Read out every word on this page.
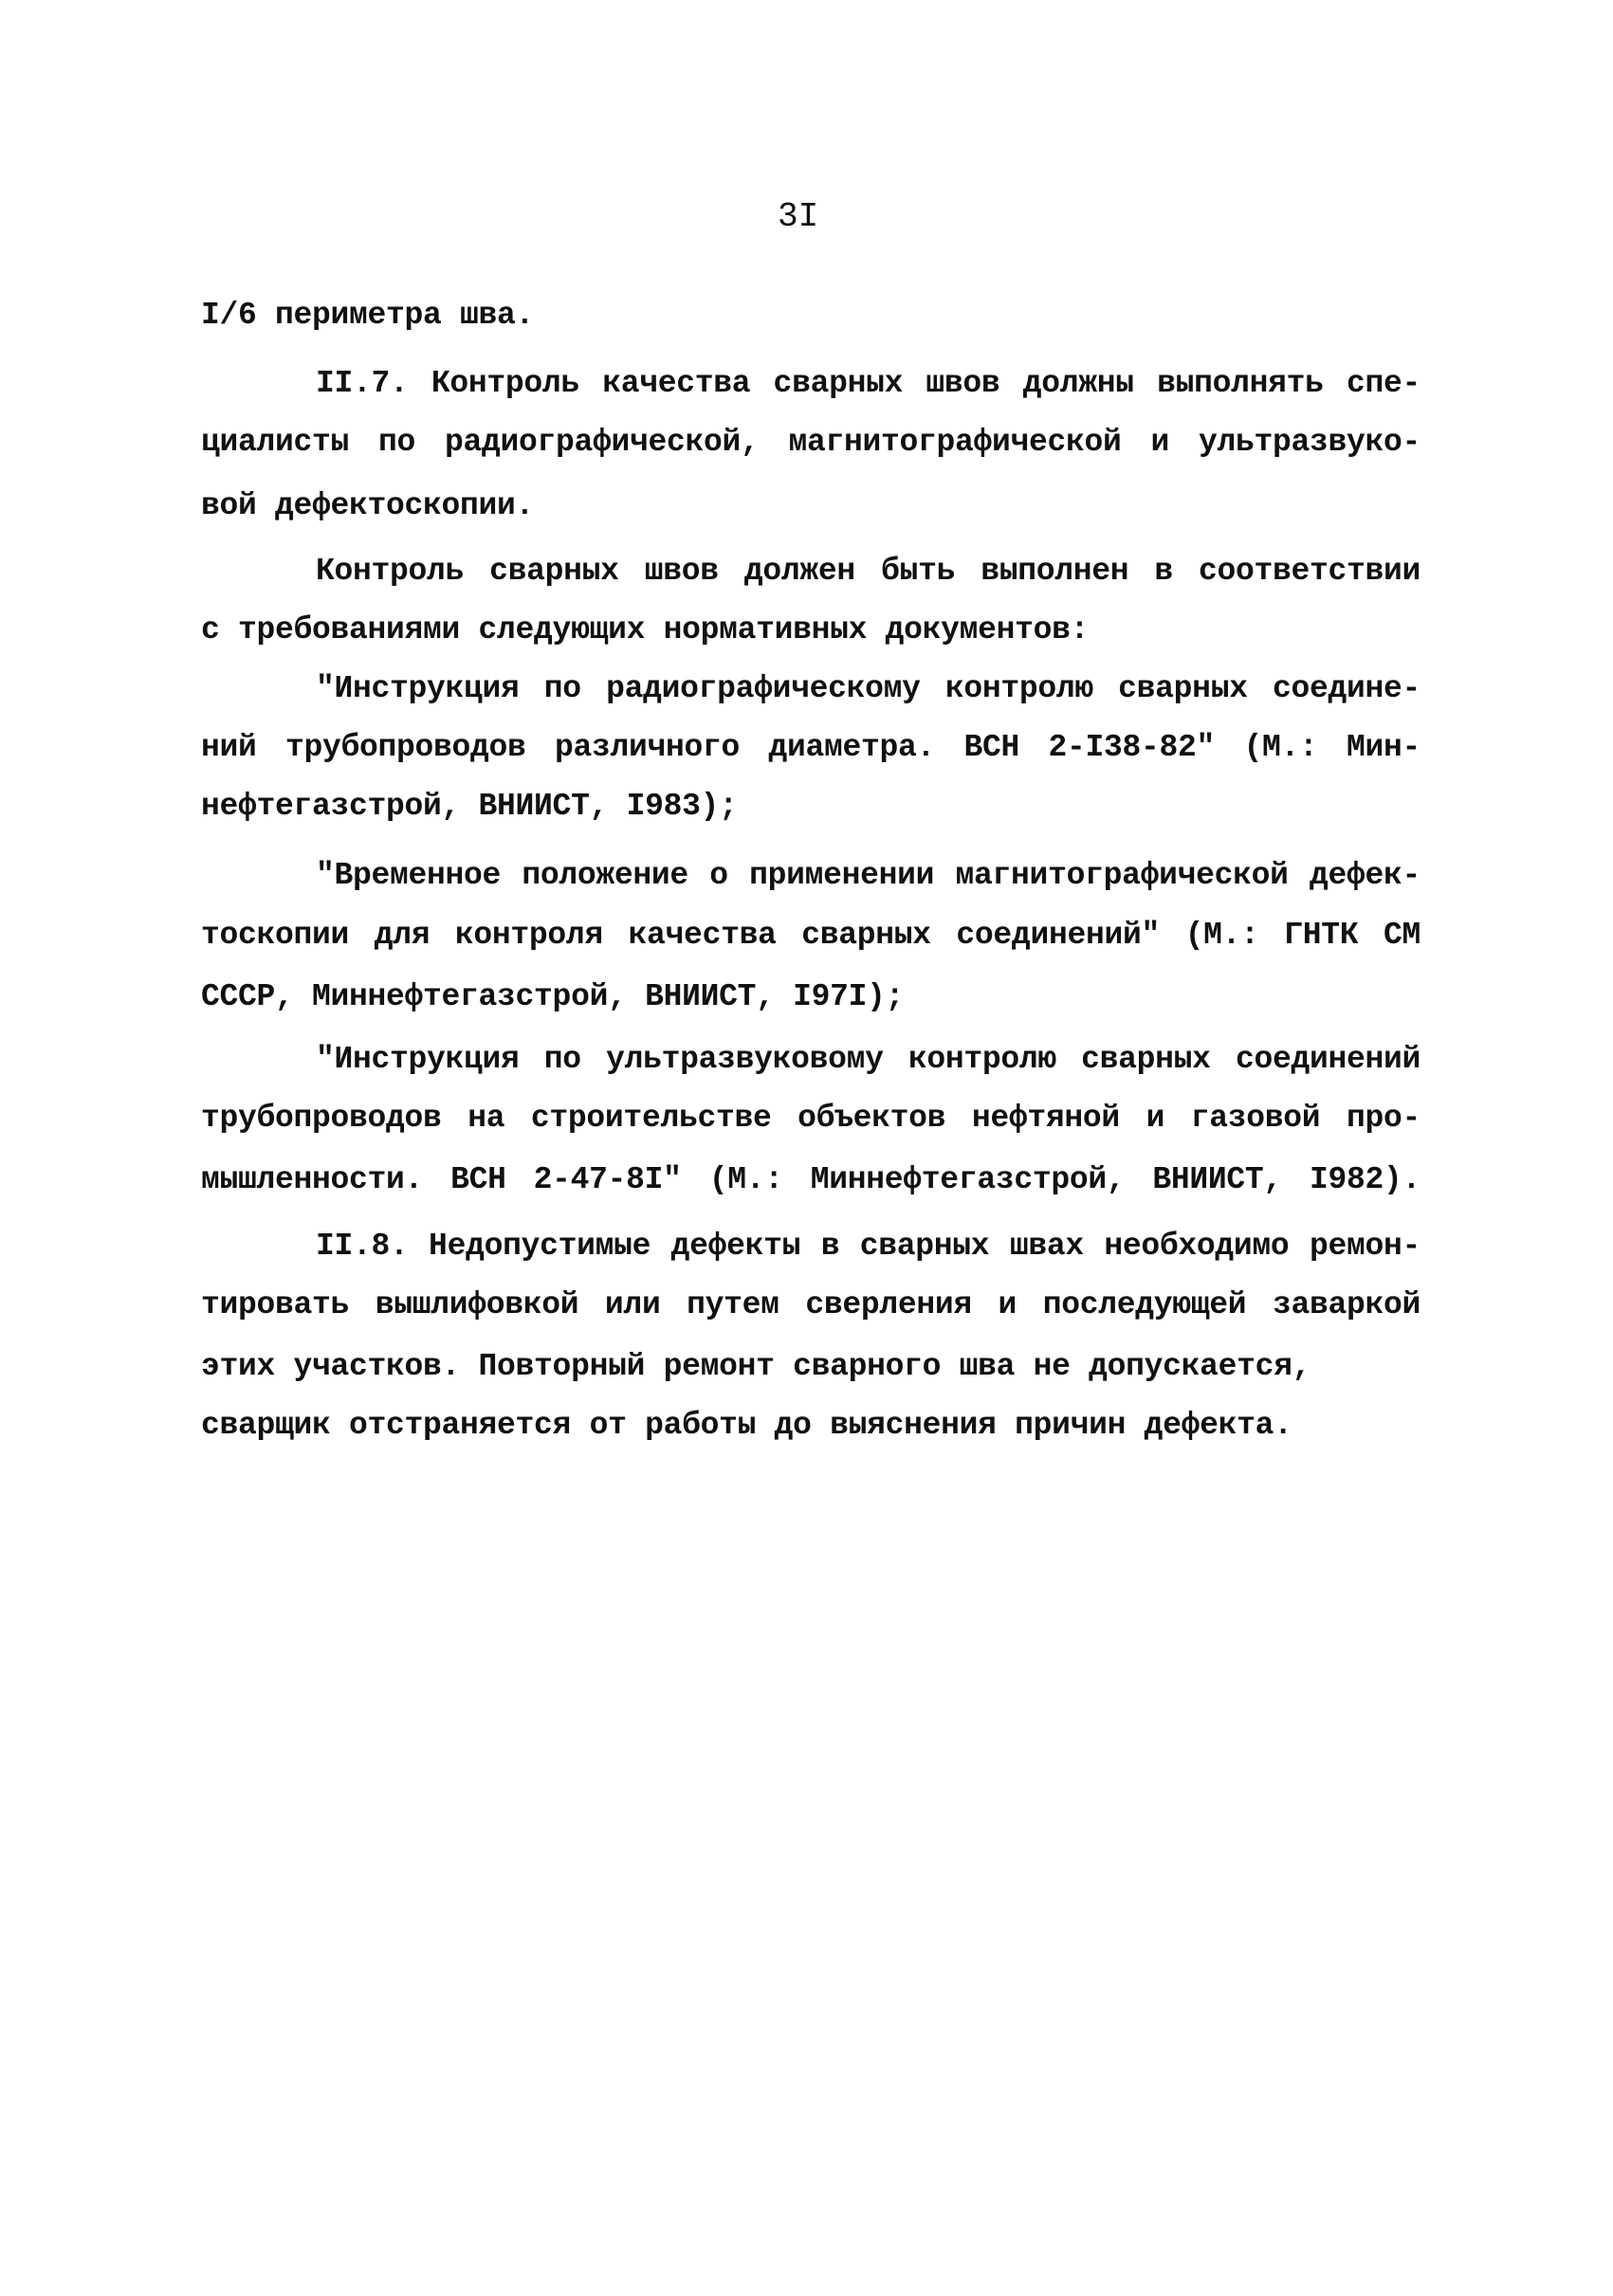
3I
I/6 периметра шва.
II.7. Контроль качества сварных швов должны выполнять спе-
циалисты по радиографической, магнитографической и ультразвуко-
вой дефектоскопии.
Контроль сварных швов должен быть выполнен в соответствии
с требованиями следующих нормативных документов:
"Инструкция по радиографическому контролю сварных соедине-
ний трубопроводов различного диаметра. ВСН 2-I38-82" (М.: Мин-
нефтегазстрой, ВНИИСТ, I983);
"Временное положение о применении магнитографической дефек-
тоскопии для контроля качества сварных соединений" (М.: ГНТК СМ
СССР, Миннефтегазстрой, ВНИИСТ, I97I);
"Инструкция по ультразвуковому контролю сварных соединений
трубопроводов на строительстве объектов нефтяной и газовой про-
мышленности. ВСН 2-47-8I" (М.: Миннефтегазстрой, ВНИИСТ, I982).
II.8. Недопустимые дефекты в сварных швах необходимо ремон-
тировать вышлифовкой или путем сверления и последующей заваркой
этих участков. Повторный ремонт сварного шва не допускается,
сварщик отстраняется от работы до выяснения причин дефекта.
